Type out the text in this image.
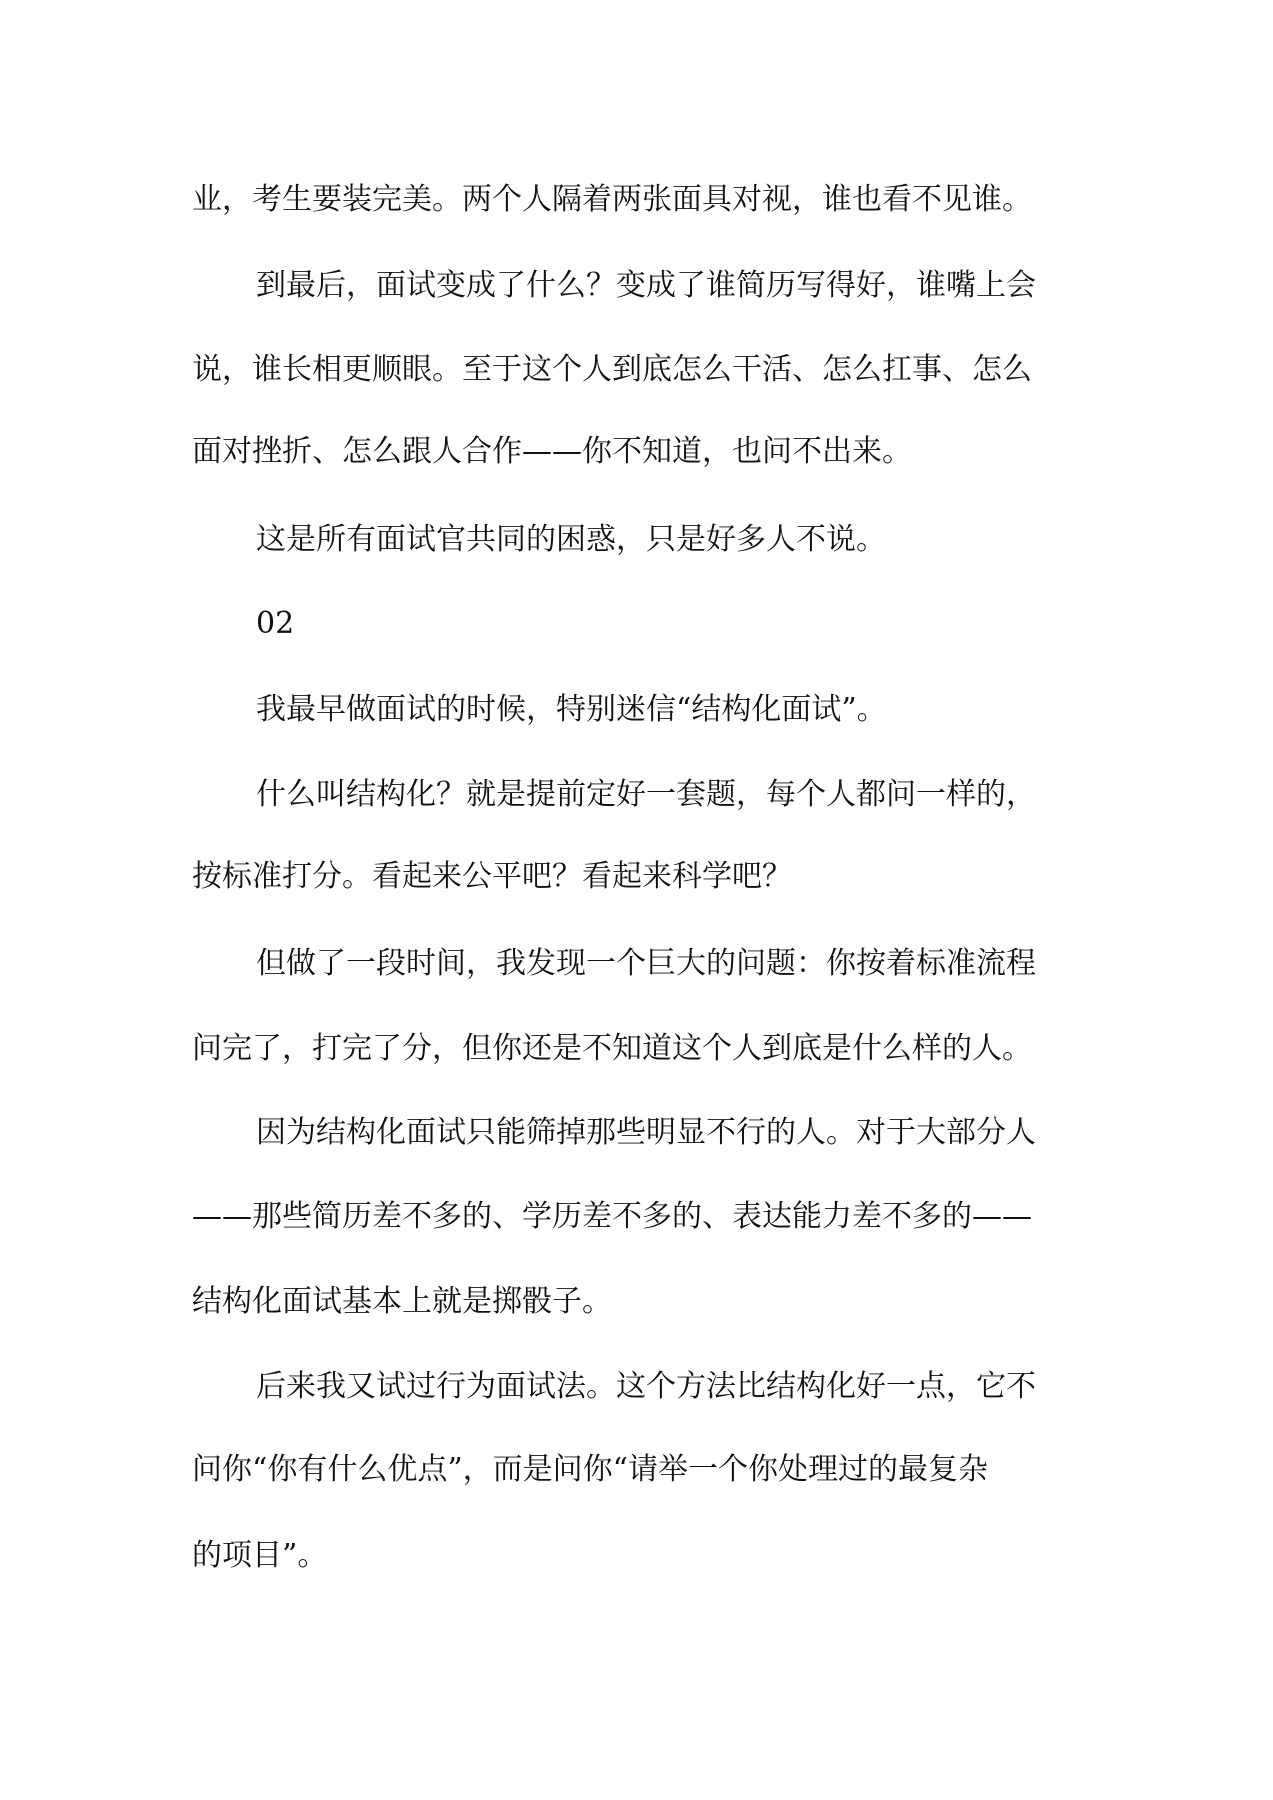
业，考生要装完美。两个人隔着两张面具对视，谁也看不见谁。
到最后，面试变成了什么？变成了谁简历写得好，谁嘴上会
说，谁长相更顺眼。至于这个人到底怎么干活、怎么扛事、怎么
面对挫折、怎么跟人合作——你不知道，也问不出来。
这是所有面试官共同的困惑，只是好多人不说。
02
我最早做面试的时候，特别迷信“结构化面试”。
什么叫结构化？就是提前定好一套题，每个人都问一样的，
按标准打分。看起来公平吧？看起来科学吧？
但做了一段时间，我发现一个巨大的问题：你按着标准流程
问完了，打完了分，但你还是不知道这个人到底是什么样的人。
因为结构化面试只能筛掉那些明显不行的人。对于大部分人
——那些简历差不多的、学历差不多的、表达能力差不多的——
结构化面试基本上就是掷骰子。
后来我又试过行为面试法。这个方法比结构化好一点，它不
问你“你有什么优点”，而是问你“请举一个你处理过的最复杂
的项目”。
